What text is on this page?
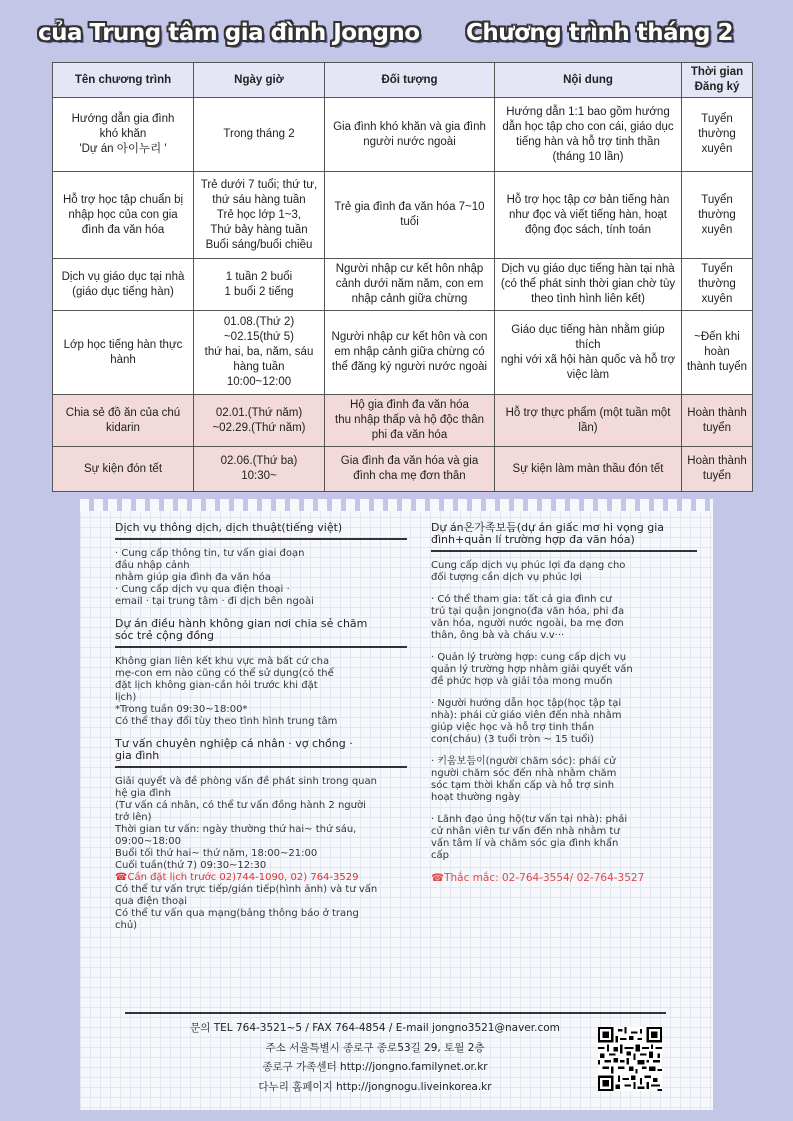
của Trung tâm gia đình Jongno Chương trình tháng 2
Tên chương trình	Ngày giờ	Đối tượng	Nội dung	Thời gian
Đăng ký
Hướng dẫn gia đình
khó khăn
'Dự án 아이누리 '	Trong tháng 2	Gia đình khó khăn và gia đình
người nước ngoài	Hướng dẫn 1:1 bao gồm hướng
dẫn học tập cho con cái, giáo dục
tiếng hàn và hỗ trợ tinh thần
(tháng 10 lần)	Tuyển thường
xuyên
Hỗ trợ học tập chuẩn bị
nhập học của con gia
đình đa văn hóa	Trẻ dưới 7 tuổi; thứ tư,
thứ sáu hàng tuần
Trẻ học lớp 1~3,
Thứ bảy hàng tuần
Buổi sáng/buổi chiều	Trẻ gia đình đa văn hóa 7~10
tuổi	Hỗ trợ học tập cơ bản tiếng hàn
như đọc và viết tiếng hàn, hoạt
động đọc sách, tính toán	Tuyển thường
xuyên
Dịch vụ giáo dục tại nhà
(giáo dục tiếng hàn)	1 tuần 2 buổi
1 buổi 2 tiếng	Người nhập cư kết hôn nhập
cảnh dưới năm năm, con em
nhập cảnh giữa chừng	Dịch vụ giáo dục tiếng hàn tại nhà
(có thể phát sinh thời gian chờ tùy
theo tình hình liên kết)	Tuyển thường
xuyên
Lớp học tiếng hàn thực
hành	01.08.(Thứ 2)
~02.15(thứ 5)
thứ hai, ba, năm, sáu
hàng tuần
10:00~12:00	Người nhập cư kết hôn và con
em nhập cảnh giữa chừng có
thể đăng ký người nước ngoài	Giáo dục tiếng hàn nhằm giúp thích
nghi với xã hội hàn quốc và hỗ trợ
việc làm	~Đến khi hoàn
thành tuyển
Chia sẻ đồ ăn của chú
kidarin	02.01.(Thứ năm)
~02.29.(Thứ năm)	Hộ gia đình đa văn hóa
thu nhập thấp và hộ độc thân
phi đa văn hóa	Hỗ trợ thực phẩm (một tuần một
lần)	Hoàn thành
tuyển
Sự kiện đón tết	02.06.(Thứ ba)
10:30~	Gia đình đa văn hóa và gia
đình cha mẹ đơn thân	Sự kiện làm màn thầu đón tết	Hoàn thành
tuyển
Dịch vụ thông dịch, dịch thuật(tiếng việt)
· Cung cấp thông tin, tư vấn giai đoạn
đầu nhập cảnh
nhằm giúp gia đình đa văn hóa
· Cung cấp dịch vụ qua điện thoại ·
email · tại trung tâm · đi dịch bên ngoài
Dự án điều hành không gian nơi chia sẻ chăm
sóc trẻ cộng đồng
Không gian liên kết khu vực mà bất cứ cha
mẹ-con em nào cũng có thể sử dụng(có thể
đặt lịch không gian-cần hỏi trước khi đặt
lịch)
*Trong tuần 09:30~18:00*
Có thể thay đổi tùy theo tình hình trung tâm
Tư vấn chuyên nghiệp cá nhân · vợ chồng ·
gia đình
Giải quyết và đề phòng vấn đề phát sinh trong quan
hệ gia đình
(Tư vấn cá nhân, có thể tư vấn đồng hành 2 người
trở lên)
Thời gian tư vấn: ngày thường thứ hai~ thứ sáu,
09:00~18:00
Buổi tối thứ hai~ thứ năm, 18:00~21:00
Cuối tuần(thứ 7) 09:30~12:30
☎Cần đặt lịch trước 02)744-1090, 02) 764-3529
Có thể tư vấn trực tiếp/gián tiếp(hình ảnh) và tư vấn
qua điện thoại
Có thể tư vấn qua mạng(bảng thông báo ở trang
chủ)
Dự án온가족보듬(dự án giấc mơ hi vọng gia
đình+quản lí trường hợp đa văn hóa)
Cung cấp dịch vụ phúc lợi đa dạng cho
đối tượng cần dịch vụ phúc lợi
· Có thể tham gia: tất cả gia đình cư
trú tại quận jongno(đa văn hóa, phi đa
văn hóa, người nước ngoài, ba mẹ đơn
thân, ông bà và cháu v.v···
· Quản lý trường hợp: cung cấp dịch vụ
quản lý trường hợp nhằm giải quyết vấn
đề phức hợp và giải tỏa mong muốn
· Người hướng dẫn học tập(học tập tại
nhà): phái cử giáo viên đến nhà nhằm
giúp việc học và hỗ trợ tinh thần
con(cháu) (3 tuổi tròn ~ 15 tuổi)
· 키움보듬이(người chăm sóc): phái cử
người chăm sóc đến nhà nhằm chăm
sóc tạm thời khẩn cấp và hỗ trợ sinh
hoạt thường ngày
· Lãnh đạo ủng hộ(tư vấn tại nhà): phái
cử nhân viên tư vấn đến nhà nhằm tư
vấn tâm lí và chăm sóc gia đình khẩn
cấp
☎Thắc mắc: 02-764-3554/ 02-764-3527
문의 TEL 764-3521~5 / FAX 764-4854 / E-mail jongno3521@naver.com
주소 서울특별시 종로구 종로53길 29, 토월 2층
종로구 가족센터 http://jongno.familynet.or.kr
다누리 홈페이지 http://jongnogu.liveinkorea.kr
